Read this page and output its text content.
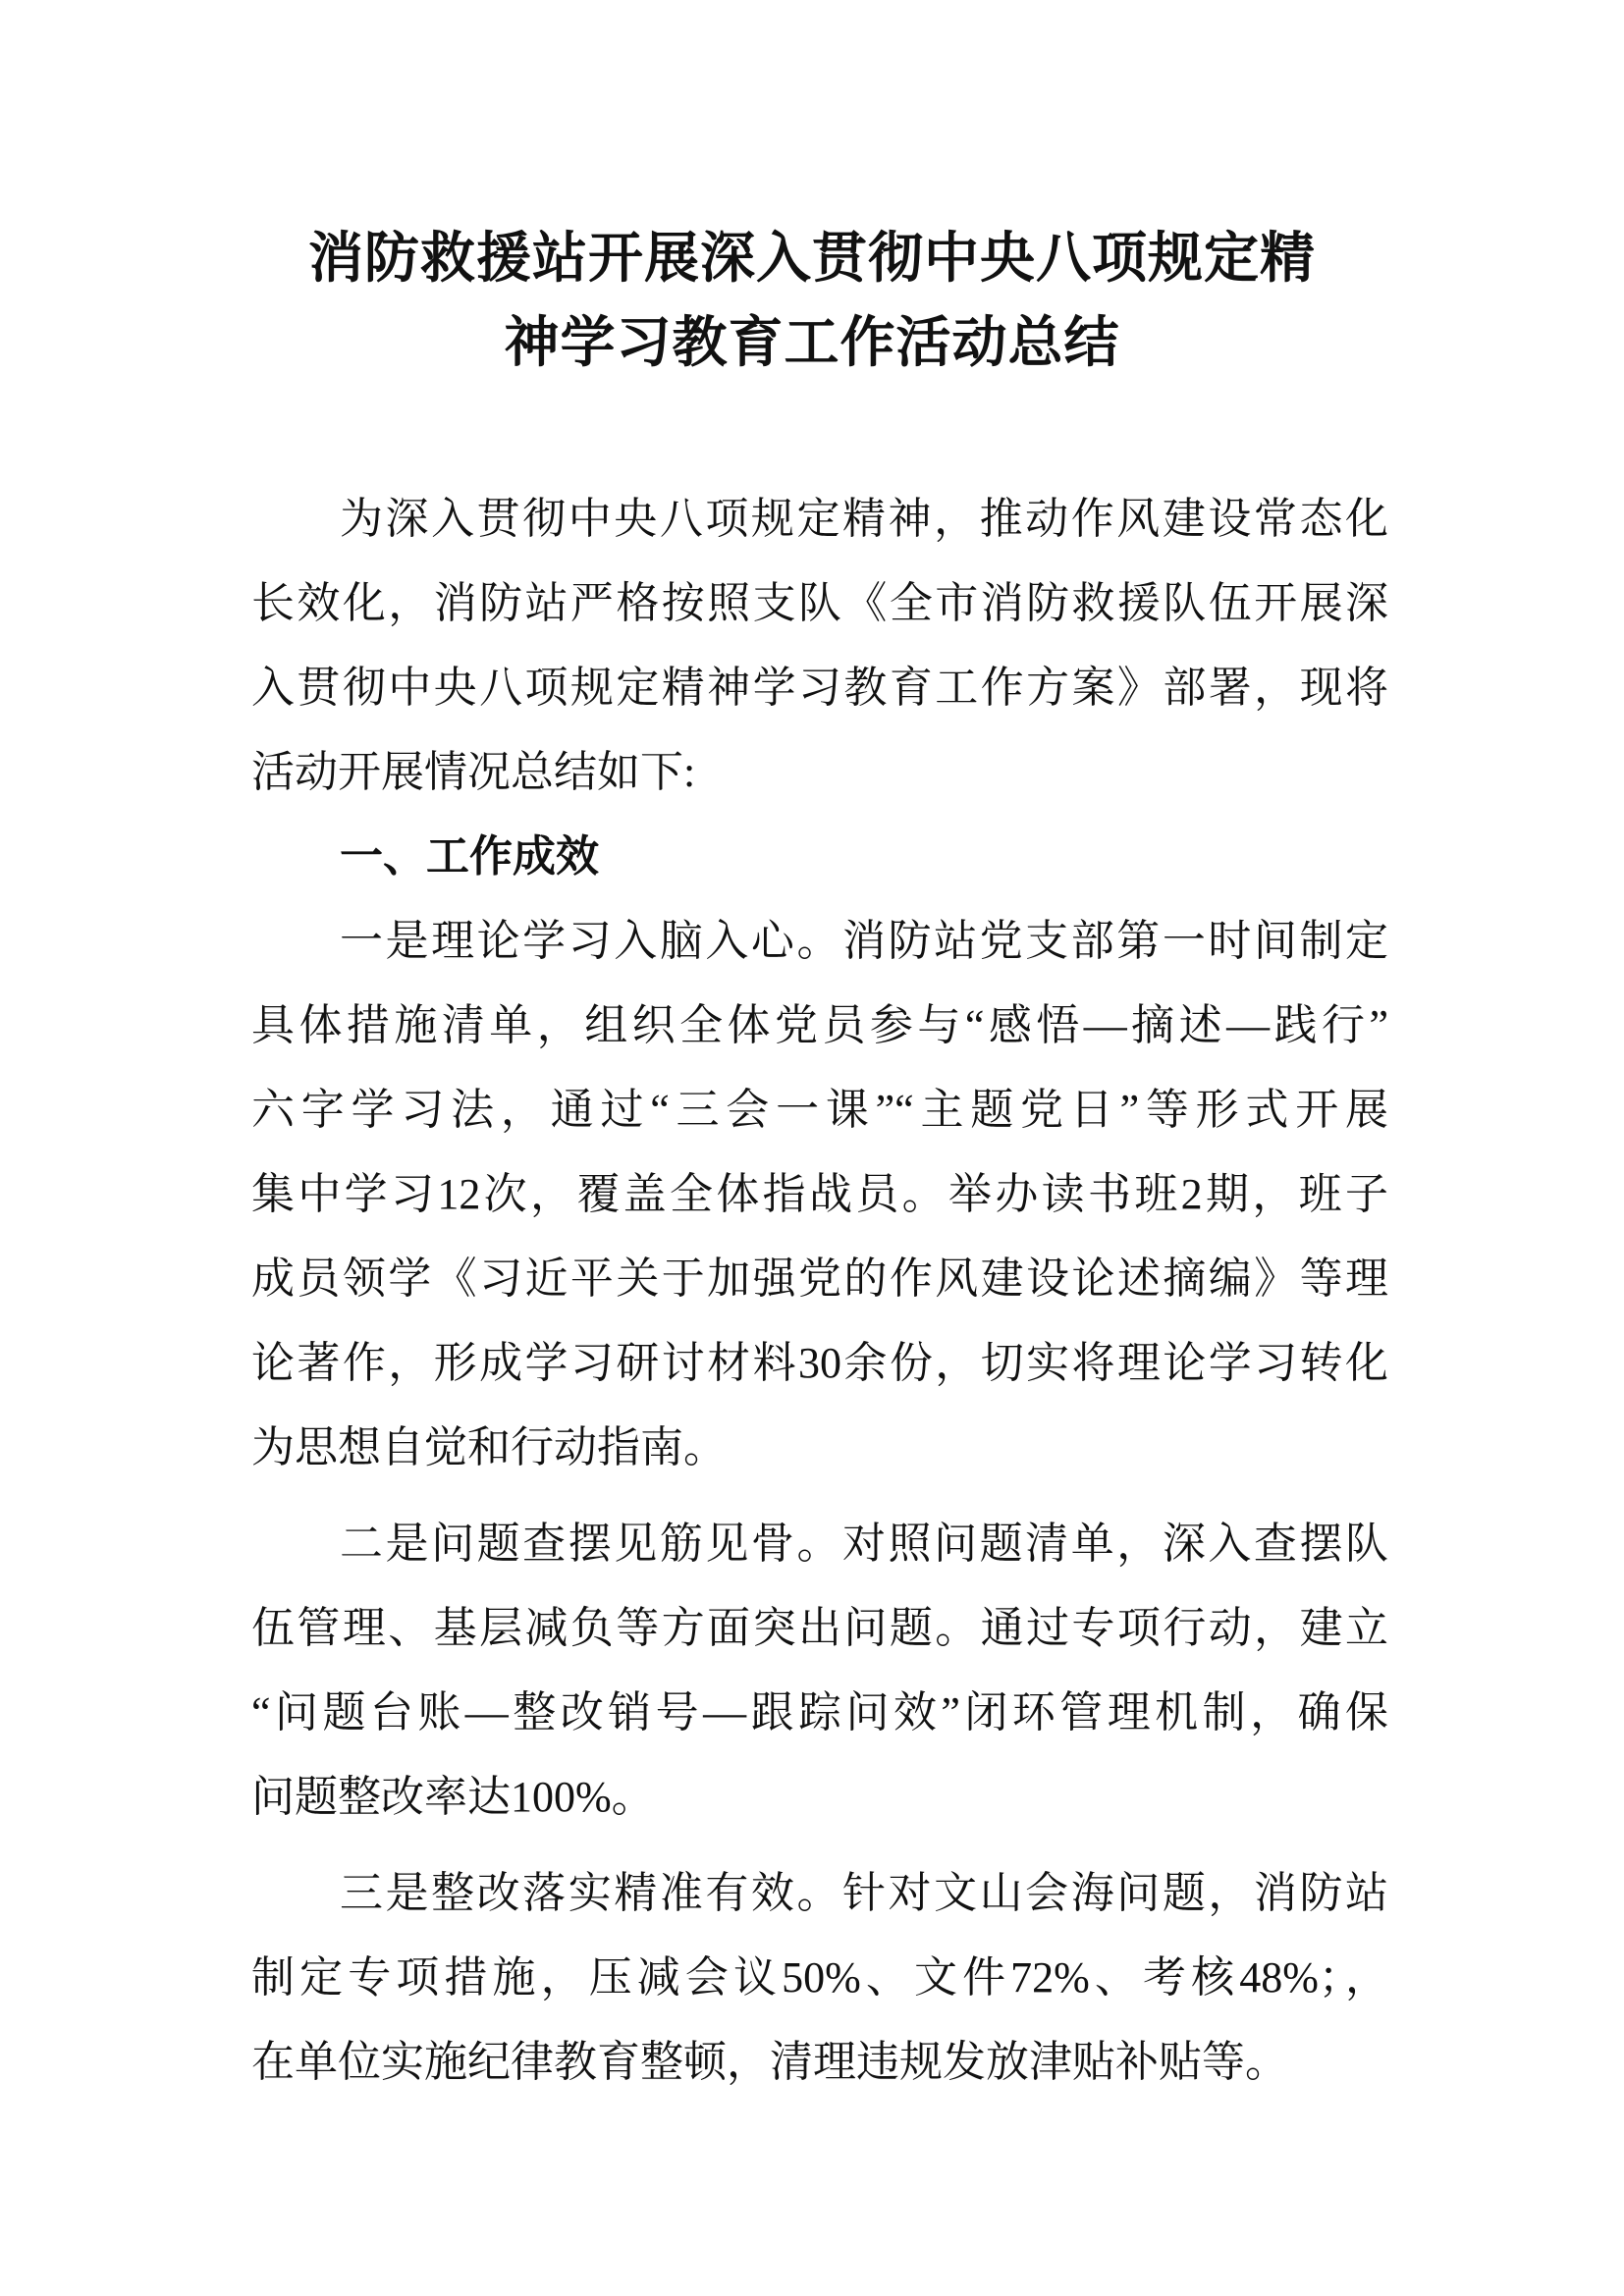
消防救援站开展深入贯彻中央八项规定精
神学习教育工作活动总结
为深入贯彻中央八项规定精神，推动作风建设常态化
长效化，消防站严格按照支队《全市消防救援队伍开展深
入贯彻中央八项规定精神学习教育工作方案》部署，现将
活动开展情况总结如下:
一、工作成效
一是理论学习入脑入心。消防站党支部第一时间制定
具体措施清单，组织全体党员参与“感悟—摘述—践行”
六字学习法，通过“三会一课”“主题党日”等形式开展
集中学习12次，覆盖全体指战员。举办读书班2期，班子
成员领学《习近平关于加强党的作风建设论述摘编》等理
论著作，形成学习研讨材料30余份，切实将理论学习转化
为思想自觉和行动指南。
二是问题查摆见筋见骨。对照问题清单，深入查摆队
伍管理、基层减负等方面突出问题。通过专项行动，建立
“问题台账—整改销号—跟踪问效”闭环管理机制，确保
问题整改率达100%。
三是整改落实精准有效。针对文山会海问题，消防站
制定专项措施，压减会议50%、文件72%、考核48%；，
在单位实施纪律教育整顿，清理违规发放津贴补贴等。
